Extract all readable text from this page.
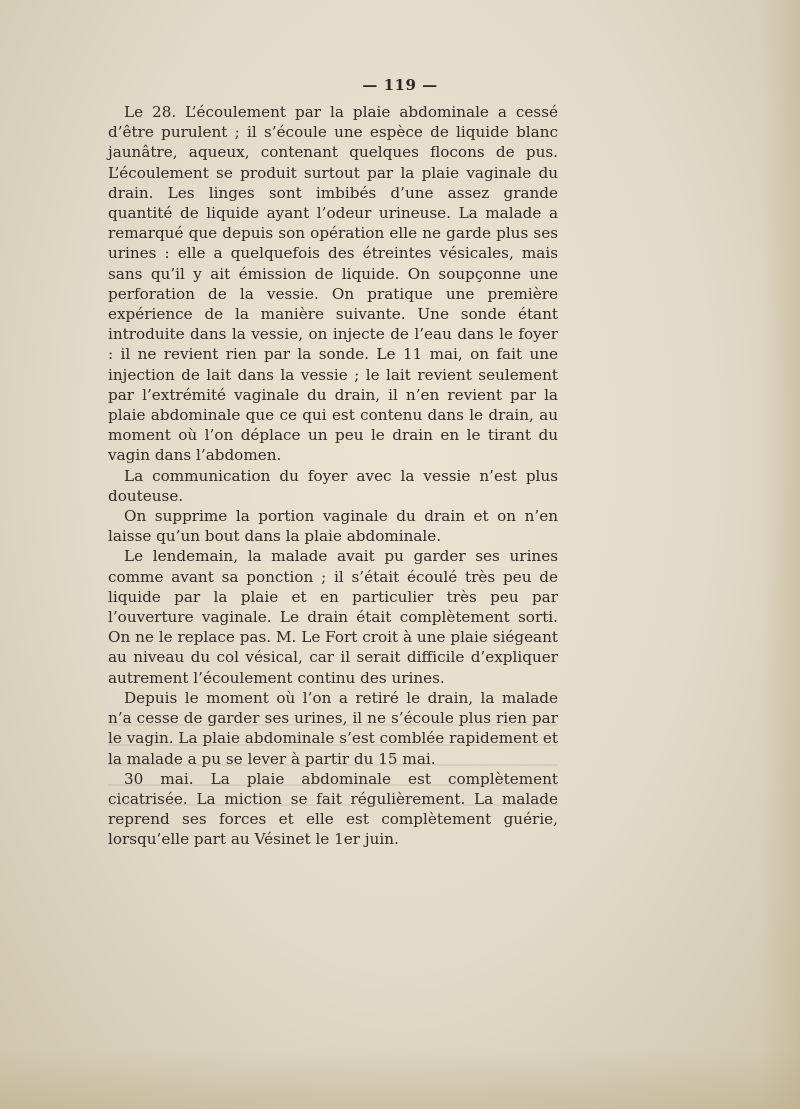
— 119 —

Le 28. L’écoulement par la plaie abdominale a cessé d’être purulent ; il s’écoule une espèce de liquide blanc jaunâtre, aqueux, contenant quelques flocons de pus. L’écoulement se produit surtout par la plaie vaginale du drain. Les linges sont imbibés d’une assez grande quantité de liquide ayant l’odeur urineuse. La malade a remarqué que depuis son opération elle ne garde plus ses urines : elle a quelquefois des étreintes vésicales, mais sans qu’il y ait émission de liquide. On soupçonne une perforation de la vessie. On pratique une première expérience de la manière suivante. Une sonde étant introduite dans la vessie, on injecte de l’eau dans le foyer : il ne revient rien par la sonde. Le 11 mai, on fait une injection de lait dans la vessie ; le lait revient seulement par l’extrémité vaginale du drain, il n’en revient par la plaie abdominale que ce qui est contenu dans le drain, au moment où l’on déplace un peu le drain en le tirant du vagin dans l’abdomen.

La communication du foyer avec la vessie n’est plus douteuse.

On supprime la portion vaginale du drain et on n’en laisse qu’un bout dans la plaie abdominale.

Le lendemain, la malade avait pu garder ses urines comme avant sa ponction ; il s’était écoulé très peu de liquide par la plaie et en particulier très peu par l’ouverture vaginale. Le drain était complètement sorti. On ne le replace pas. M. Le Fort croit à une plaie siégeant au niveau du col vésical, car il serait difficile d’expliquer autrement l’écoulement continu des urines.

Depuis le moment où l’on a retiré le drain, la malade n’a cesse de garder ses urines, il ne s’écoule plus rien par le vagin. La plaie abdominale s’est comblée rapidement et la malade a pu se lever à partir du 15 mai.

30 mai. La plaie abdominale est complètement cicatrisée. La miction se fait régulièrement. La malade reprend ses forces et elle est complètement guérie, lorsqu’elle part au Vésinet le 1er juin.
